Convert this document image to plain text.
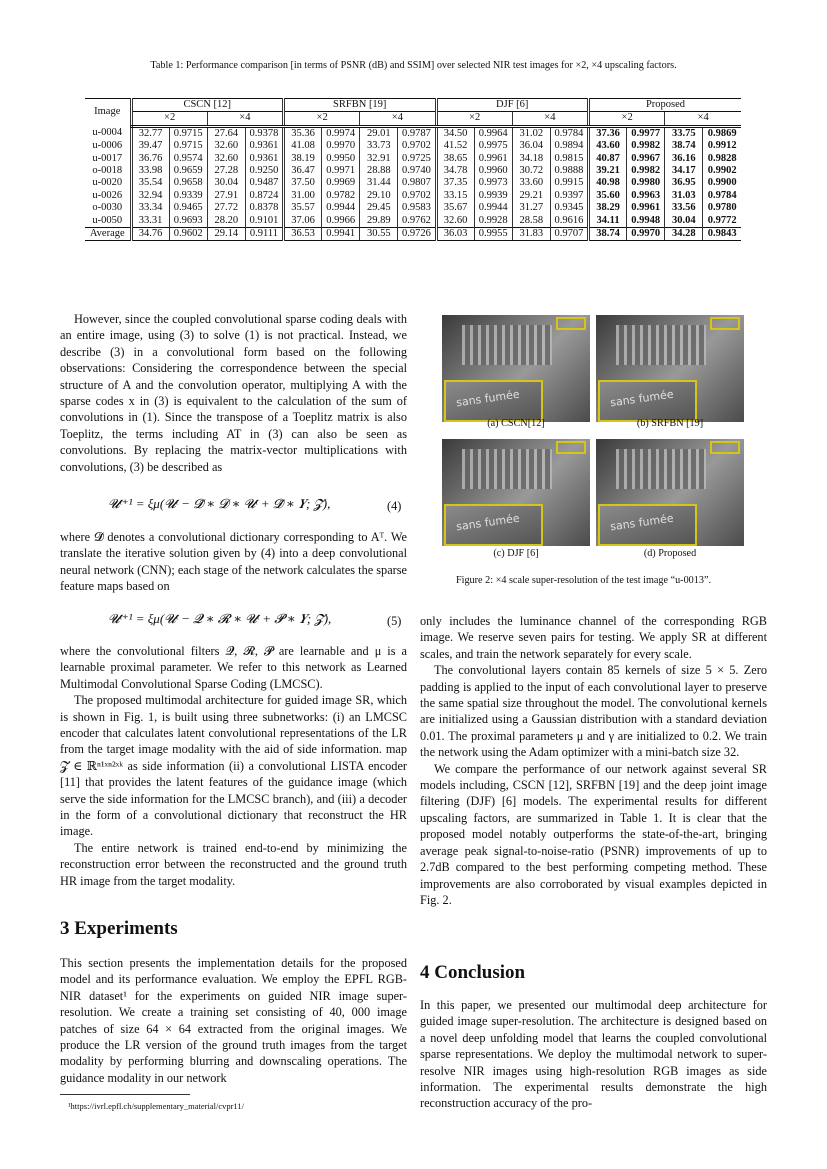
Table 1: Performance comparison [in terms of PSNR (dB) and SSIM] over selected NIR test images for ×2, ×4 upscaling factors.
Image	CSCN [12]				SRFBN [19]				DJF [6]				Proposed			
	×2		×4		×2		×4		×2		×4		×2		×4	
u-0004	32.77	0.9715	27.64	0.9378	35.36	0.9974	29.01	0.9787	34.50	0.9964	31.02	0.9784	37.36	0.9977	33.75	0.9869
u-0006	39.47	0.9715	32.60	0.9361	41.08	0.9970	33.73	0.9702	41.52	0.9975	36.04	0.9894	43.60	0.9982	38.74	0.9912
u-0017	36.76	0.9574	32.60	0.9361	38.19	0.9950	32.91	0.9725	38.65	0.9961	34.18	0.9815	40.87	0.9967	36.16	0.9828
o-0018	33.98	0.9659	27.28	0.9250	36.47	0.9971	28.88	0.9740	34.78	0.9960	30.72	0.9888	39.21	0.9982	34.17	0.9902
u-0020	35.54	0.9658	30.04	0.9487	37.50	0.9969	31.44	0.9807	37.35	0.9973	33.60	0.9915	40.98	0.9980	36.95	0.9900
u-0026	32.94	0.9339	27.91	0.8724	31.00	0.9782	29.10	0.9702	33.15	0.9939	29.21	0.9397	35.60	0.9963	31.03	0.9784
o-0030	33.34	0.9465	27.72	0.8378	35.57	0.9944	29.45	0.9583	35.67	0.9944	31.27	0.9345	38.29	0.9961	33.56	0.9780
u-0050	33.31	0.9693	28.20	0.9101	37.06	0.9966	29.89	0.9762	32.60	0.9928	28.58	0.9616	34.11	0.9948	30.04	0.9772
Average	34.76	0.9602	29.14	0.9111	36.53	0.9941	30.55	0.9726	36.03	0.9955	31.83	0.9707	38.74	0.9970	34.28	0.9843

However, since the coupled convolutional sparse coding deals with an entire image, using (3) to solve (1) is not practical. Instead, we describe (3) in a convolutional form based on the following observations: Considering the correspondence between the special structure of A and the convolution operator, multiplying A with the sparse codes x in (3) is equivalent to the calculation of the sum of convolutions in (1). Since the transpose of a Toeplitz matrix is also Toeplitz, the terms including AT in (3) can also be seen as convolutions. By replacing the matrix-vector multiplications with convolutions, (3) be described as

𝓤ᵗ⁺¹ = ξμ(𝓤ᵗ − 𝓓̃ ∗ 𝓓 ∗ 𝓤ᵗ + 𝓓̃ ∗ 𝒀; 𝓩),	(4)

where 𝓓̃ denotes a convolutional dictionary corresponding to Aᵀ. We translate the iterative solution given by (4) into a deep convolutional neural network (CNN); each stage of the network calculates the sparse feature maps based on

𝓤ᵗ⁺¹ = ξμ(𝓤ᵗ − 𝓠 ∗ 𝓡 ∗ 𝓤ᵗ + 𝓟 ∗ 𝒀; 𝓩),	(5)

where the convolutional filters 𝓠, 𝓡, 𝓟 are learnable and μ is a learnable proximal parameter. We refer to this network as Learned Multimodal Convolutional Sparse Coding (LMCSC).

The proposed multimodal architecture for guided image SR, which is shown in Fig. 1, is built using three subnetworks: (i) an LMCSC encoder that calculates latent convolutional representations of the LR from the target image modality with the aid of side information. map 𝓩 ∈ ℝⁿ¹ˣⁿ²ˣᵏ as side information (ii) a convolutional LISTA encoder [11] that provides the latent features of the guidance image (which serve the side information for the LMCSC branch), and (iii) a decoder in the form of a convolutional dictionary that reconstruct the HR image.

The entire network is trained end-to-end by minimizing the reconstruction error between the reconstructed and the ground truth HR image from the target modality.

3 Experiments

This section presents the implementation details for the proposed model and its performance evaluation. We employ the EPFL RGB-NIR dataset¹ for the experiments on guided NIR image super-resolution. We create a training set consisting of 40, 000 image patches of size 64 × 64 extracted from the original images. We produce the LR version of the ground truth images from the target modality by performing blurring and downscaling operations. The guidance modality in our network

¹https://ivrl.epfl.ch/supplementary_material/cvpr11/
sans fumée	sans fumée
(a) CSCN[12]	(b) SRFBN [19]
sans fumée	sans fumée
(c) DJF [6]	(d) Proposed
Figure 2: ×4 scale super-resolution of the test image “u-0013”.

only includes the luminance channel of the corresponding RGB image. We reserve seven pairs for testing. We apply SR at different scales, and train the network separately for every scale.

The convolutional layers contain 85 kernels of size 5 × 5. Zero padding is applied to the input of each convolutional layer to preserve the same spatial size throughout the model. The convolutional kernels are initialized using a Gaussian distribution with a standard deviation 0.01. The proximal parameters μ and γ are initialized to 0.2. We train the network using the Adam optimizer with a mini-batch size 32.

We compare the performance of our network against several SR models including, CSCN [12], SRFBN [19] and the deep joint image filtering (DJF) [6] models. The experimental results for different upscaling factors, are summarized in Table 1. It is clear that the proposed model notably outperforms the state-of-the-art, bringing average peak signal-to-noise-ratio (PSNR) improvements of up to 2.7dB compared to the best performing competing method. These improvements are also corroborated by visual examples depicted in Fig. 2.

4 Conclusion

In this paper, we presented our multimodal deep architecture for guided image super-resolution. The architecture is designed based on a novel deep unfolding model that learns the coupled convolutional sparse representations. We deploy the multimodal network to super-resolve NIR images using high-resolution RGB images as side information. The experimental results demonstrate the high reconstruction accuracy of the pro-
